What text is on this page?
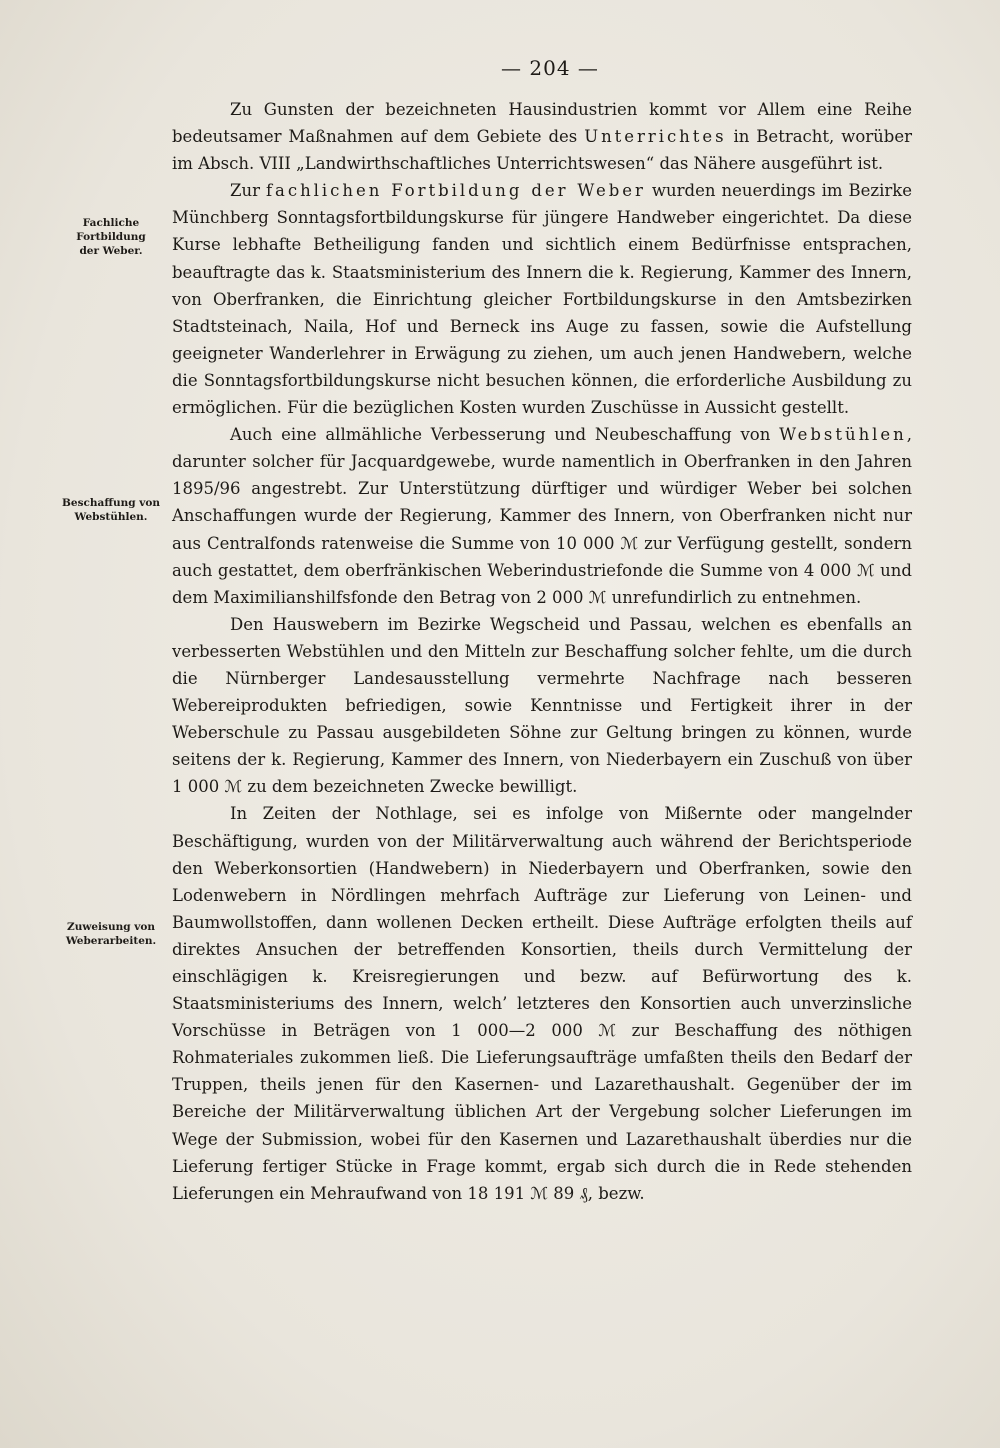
— 204 —
Fachliche
Fortbildung
der Weber.
Beschaffung von
Webstühlen.
Zuweisung von
Weberarbeiten.

Zu Gunsten der bezeichneten Hausindustrien kommt vor Allem eine Reihe bedeutsamer Maßnahmen auf dem Gebiete des Unterrichtes in Betracht, worüber im Absch. VIII „Landwirthschaftliches Unterrichtswesen“ das Nähere ausgeführt ist.

Zur fachlichen Fortbildung der Weber wurden neuerdings im Bezirke Münchberg Sonntagsfortbildungskurse für jüngere Handweber eingerichtet. Da diese Kurse lebhafte Betheiligung fanden und sichtlich einem Bedürfnisse entsprachen, beauftragte das k. Staatsministerium des Innern die k. Regierung, Kammer des Innern, von Oberfranken, die Einrichtung gleicher Fortbildungskurse in den Amtsbezirken Stadtsteinach, Naila, Hof und Berneck ins Auge zu fassen, sowie die Aufstellung geeigneter Wanderlehrer in Erwägung zu ziehen, um auch jenen Handwebern, welche die Sonntagsfortbildungskurse nicht besuchen können, die erforderliche Ausbildung zu ermöglichen. Für die bezüglichen Kosten wurden Zuschüsse in Aussicht gestellt.

Auch eine allmähliche Verbesserung und Neubeschaffung von Webstühlen, darunter solcher für Jacquardgewebe, wurde namentlich in Oberfranken in den Jahren 1895/96 angestrebt. Zur Unterstützung dürftiger und würdiger Weber bei solchen Anschaffungen wurde der Regierung, Kammer des Innern, von Oberfranken nicht nur aus Centralfonds ratenweise die Summe von 10 000 ℳ zur Verfügung gestellt, sondern auch gestattet, dem oberfränkischen Weberindustriefonde die Summe von 4 000 ℳ und dem Maximilianshilfsfonde den Betrag von 2 000 ℳ unrefundirlich zu entnehmen.

Den Hauswebern im Bezirke Wegscheid und Passau, welchen es ebenfalls an verbesserten Webstühlen und den Mitteln zur Beschaffung solcher fehlte, um die durch die Nürnberger Landesausstellung vermehrte Nachfrage nach besseren Webereiprodukten befriedigen, sowie Kenntnisse und Fertigkeit ihrer in der Weberschule zu Passau ausgebildeten Söhne zur Geltung bringen zu können, wurde seitens der k. Regierung, Kammer des Innern, von Niederbayern ein Zuschuß von über 1 000 ℳ zu dem bezeichneten Zwecke bewilligt.

In Zeiten der Nothlage, sei es infolge von Mißernte oder mangelnder Beschäftigung, wurden von der Militärverwaltung auch während der Berichtsperiode den Weberkonsortien (Handwebern) in Niederbayern und Oberfranken, sowie den Lodenwebern in Nördlingen mehrfach Aufträge zur Lieferung von Leinen- und Baumwollstoffen, dann wollenen Decken ertheilt. Diese Aufträge erfolgten theils auf direktes Ansuchen der betreffenden Konsortien, theils durch Vermittelung der einschlägigen k. Kreisregierungen und bezw. auf Befürwortung des k. Staatsministeriums des Innern, welch’ letzteres den Konsortien auch unverzinsliche Vorschüsse in Beträgen von 1 000—2 000 ℳ zur Beschaffung des nöthigen Rohmateriales zukommen ließ. Die Lieferungsaufträge umfaßten theils den Bedarf der Truppen, theils jenen für den Kasernen- und Lazarethaushalt. Gegenüber der im Bereiche der Militärverwaltung üblichen Art der Vergebung solcher Lieferungen im Wege der Submission, wobei für den Kasernen und Lazarethaushalt überdies nur die Lieferung fertiger Stücke in Frage kommt, ergab sich durch die in Rede stehenden Lieferungen ein Mehraufwand von 18 191 ℳ 89 ₰, bezw.
